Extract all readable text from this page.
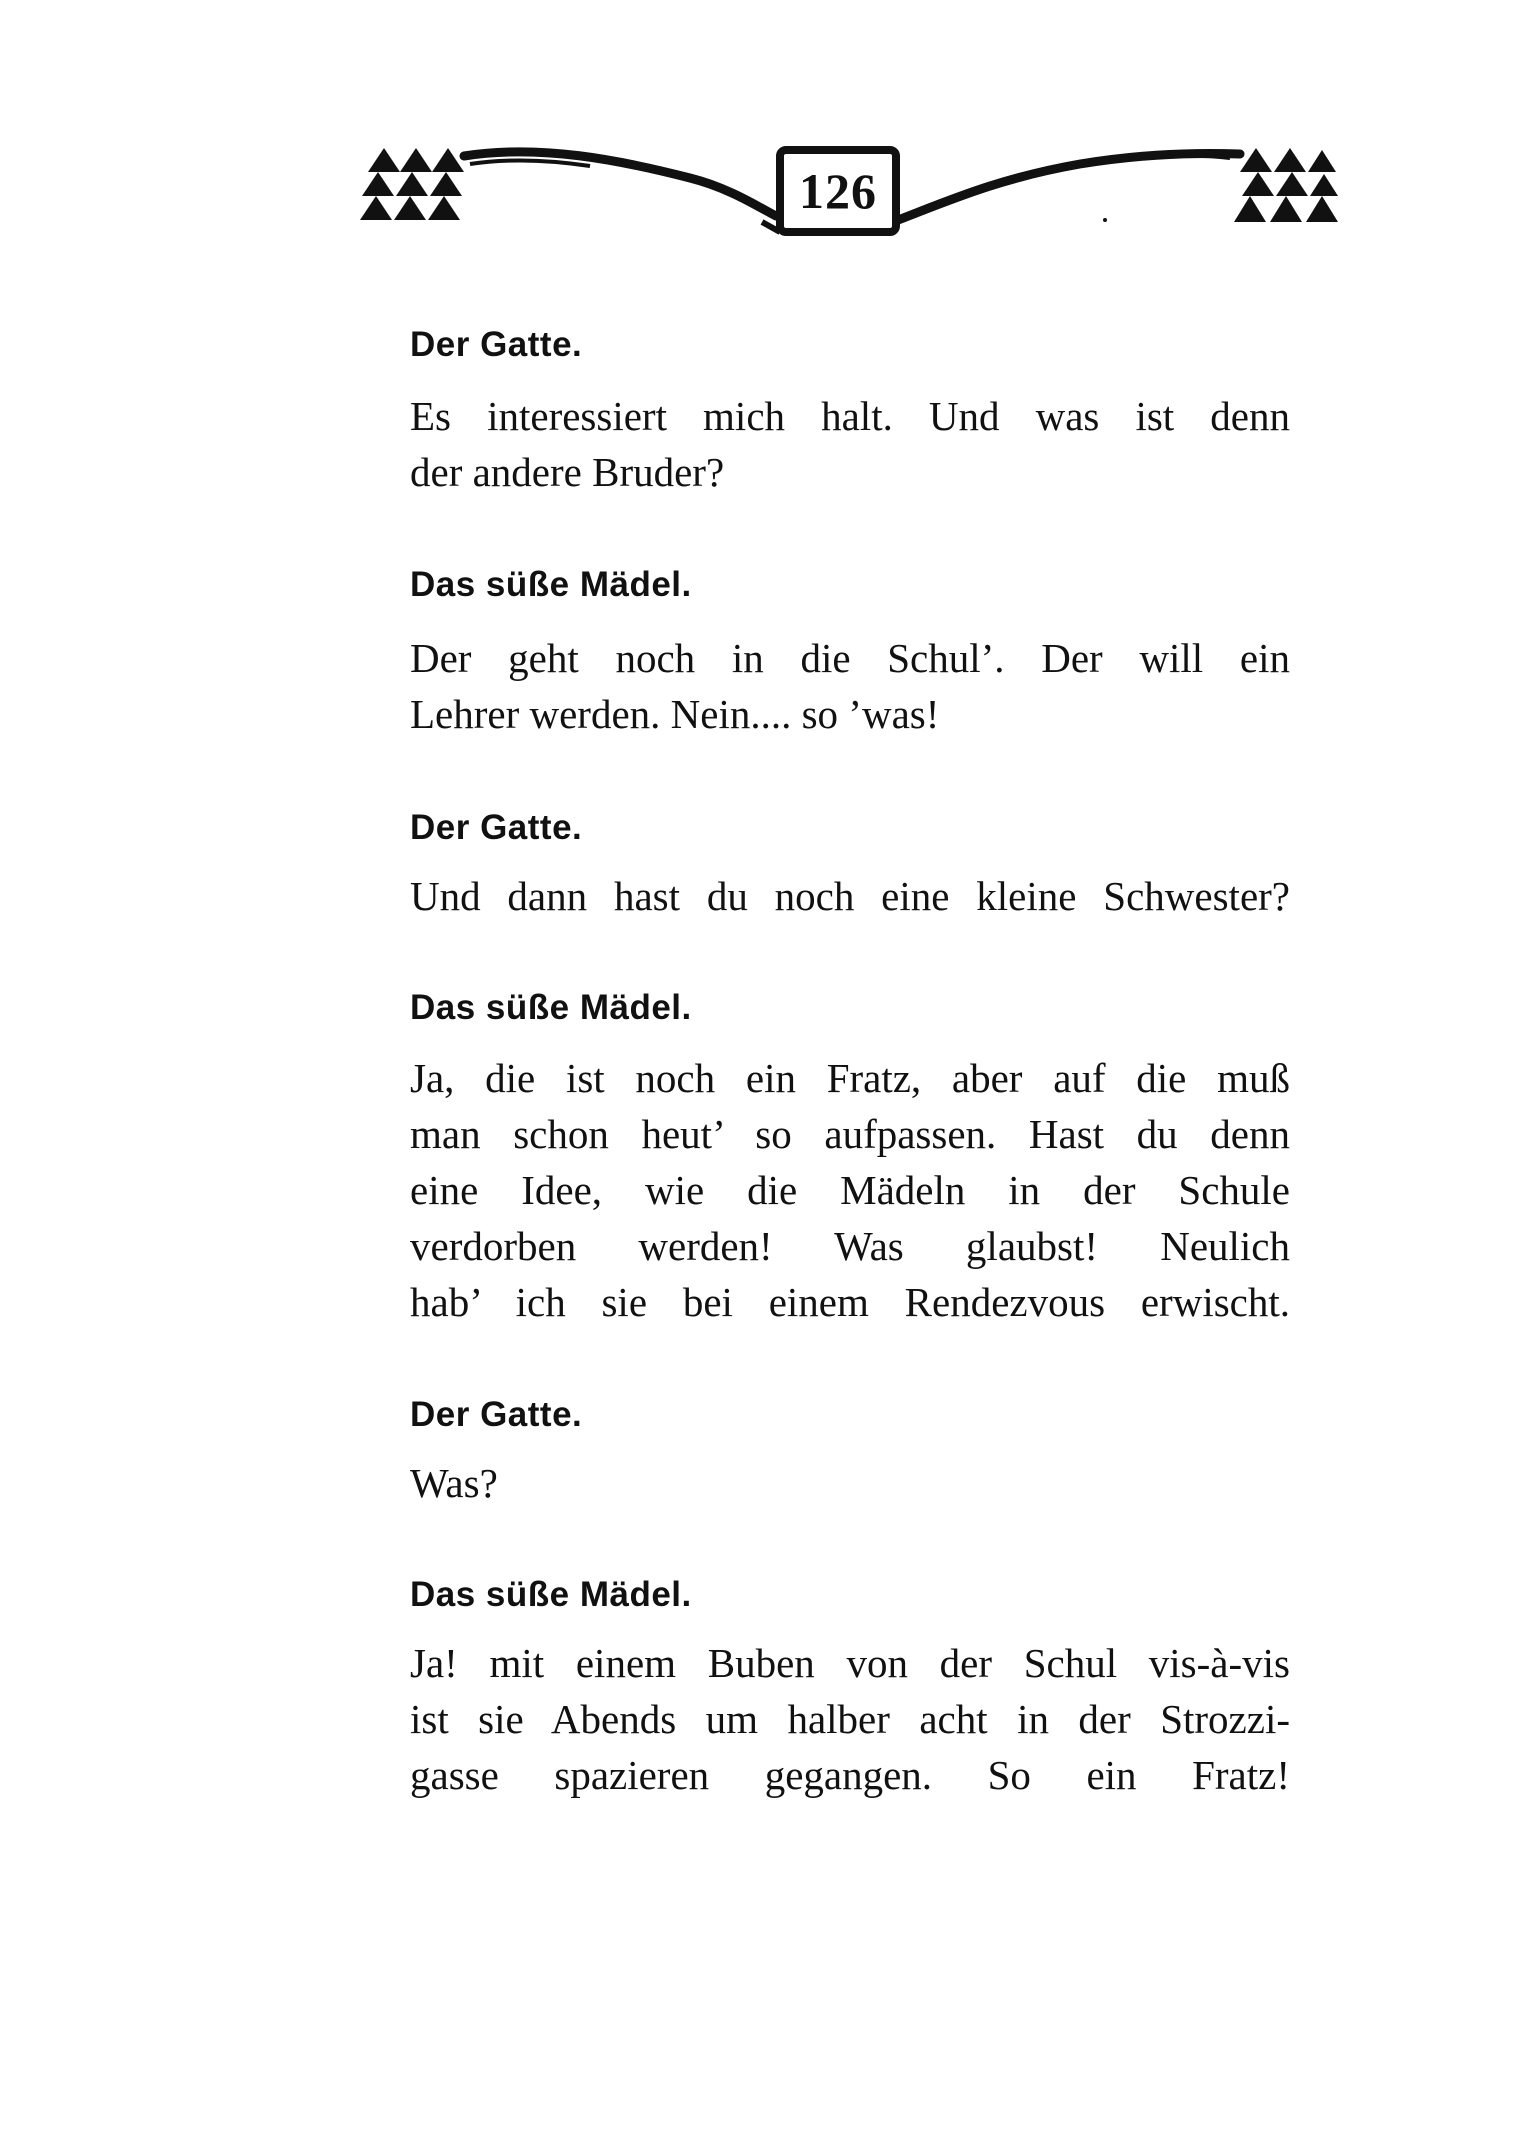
126

Der Gatte.

Es interessiert mich halt. Und was ist denn
der andere Bruder?

Das süße Mädel.

Der geht noch in die Schul’. Der will ein
Lehrer werden. Nein.... so ’was!

Der Gatte.

Und dann hast du noch eine kleine Schwester?

Das süße Mädel.

Ja, die ist noch ein Fratz, aber auf die muß
man schon heut’ so aufpassen. Hast du denn
eine Idee, wie die Mädeln in der Schule
verdorben werden! Was glaubst! Neulich
hab’ ich sie bei einem Rendezvous erwischt.

Der Gatte.

Was?

Das süße Mädel.

Ja! mit einem Buben von der Schul vis-à-vis
ist sie Abends um halber acht in der Strozzi-
gasse spazieren gegangen. So ein Fratz!
